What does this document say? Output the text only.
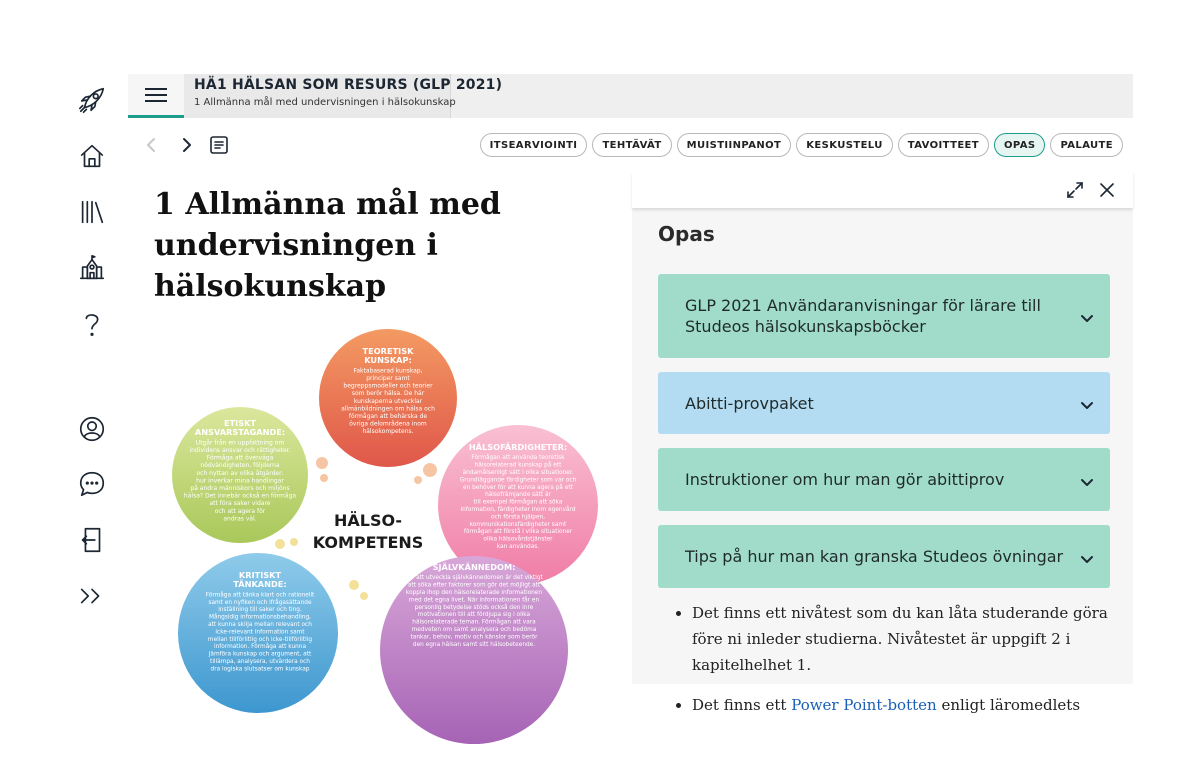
HÄ1 HÄLSAN SOM RESURS (GLP 2021)
1 Allmänna mål med undervisningen i hälsokunskap
ITSEARVIOINTI	TEHTÄVÄT	MUISTIINPANOT	KESKUSTELU	TAVOITTEET	OPAS	PALAUTE
1 Allmänna mål med undervisningen i hälsokunskap
HÄLSO-
KOMPETENS
TEORETISK
KUNSKAP:
Faktabaserad kunskap,
principer samt
begreppsmodeller och teorier
som berör hälsa. De här
kunskaperna utvecklar
allmänbildningen om hälsa och
förmågan att behärska de
övriga delområdena inom
hälsokompetens.
ETISKT
ANSVARSTAGANDE:
Utgår från en uppfattning om
individens ansvar och rättigheter.
Förmåga att överväga
nödvändigheten, följderna
och nyttan av olika åtgärder:
hur inverkar mina handlingar
på andra människors och miljöns
hälsa? Det innebär också en förmåga
att föra saker vidare
och att agera för
andras väl.
HÄLSOFÄRDIGHETER:
Förmågan att använda teoretisk
hälsorelaterad kunskap på ett
ändamålsenligt sätt i olika situationer.
Grundläggande färdigheter som var och
en behöver för att kunna agera på ett
hälsofrämjande sätt är
till exempel förmågan att söka
information, färdigheter inom egenvård
och första hjälpen,
kommunikationsfärdigheter samt
förmågan att förstå i vilka situationer
olika hälsovårdstjänster
kan användas.
KRITISKT
TÄNKANDE:
Förmåga att tänka klart och rationellt
samt en nyfiken och ifrågasättande
inställning till saker och ting.
Mångsidig informationsbehandling,
att kunna skilja mellan relevant och
icke-relevant information samt
mellan tillförlitlig och icke-tillförlitlig
information. Förmåga att kunna
jämföra kunskap och argument, att
tillämpa, analysera, utvärdera och
dra logiska slutsatser om kunskap
SJÄLVKÄNNEDOM:
För att utveckla självkännedomen är det viktigt
att söka efter faktorer som gör det möjligt att
koppla ihop den hälsorelaterade informationen
med det egna livet. När informationen får en
personlig betydelse stöds också den inre
motivationen till att fördjupa sig i olika
hälsorelaterade teman. Förmågan att vara
medveten om samt analysera och bedöma
tankar, behov, motiv och känslor som berör
den egna hälsan samt sitt hälsobeteende.
Opas
GLP 2021 Användaranvisningar för lärare till Studeos hälsokunskapsböcker
Abitti-provpaket
Instruktioner om hur man gör abittiprov
Tips på hur man kan granska Studeos övningar
• Det finns ett nivåtest som du kan låta studerande göra före ni inleder studierna. Nivåtestet är uppgift 2 i kapitelhelhet 1.
• Det finns ett Power Point-botten enligt läromedlets
